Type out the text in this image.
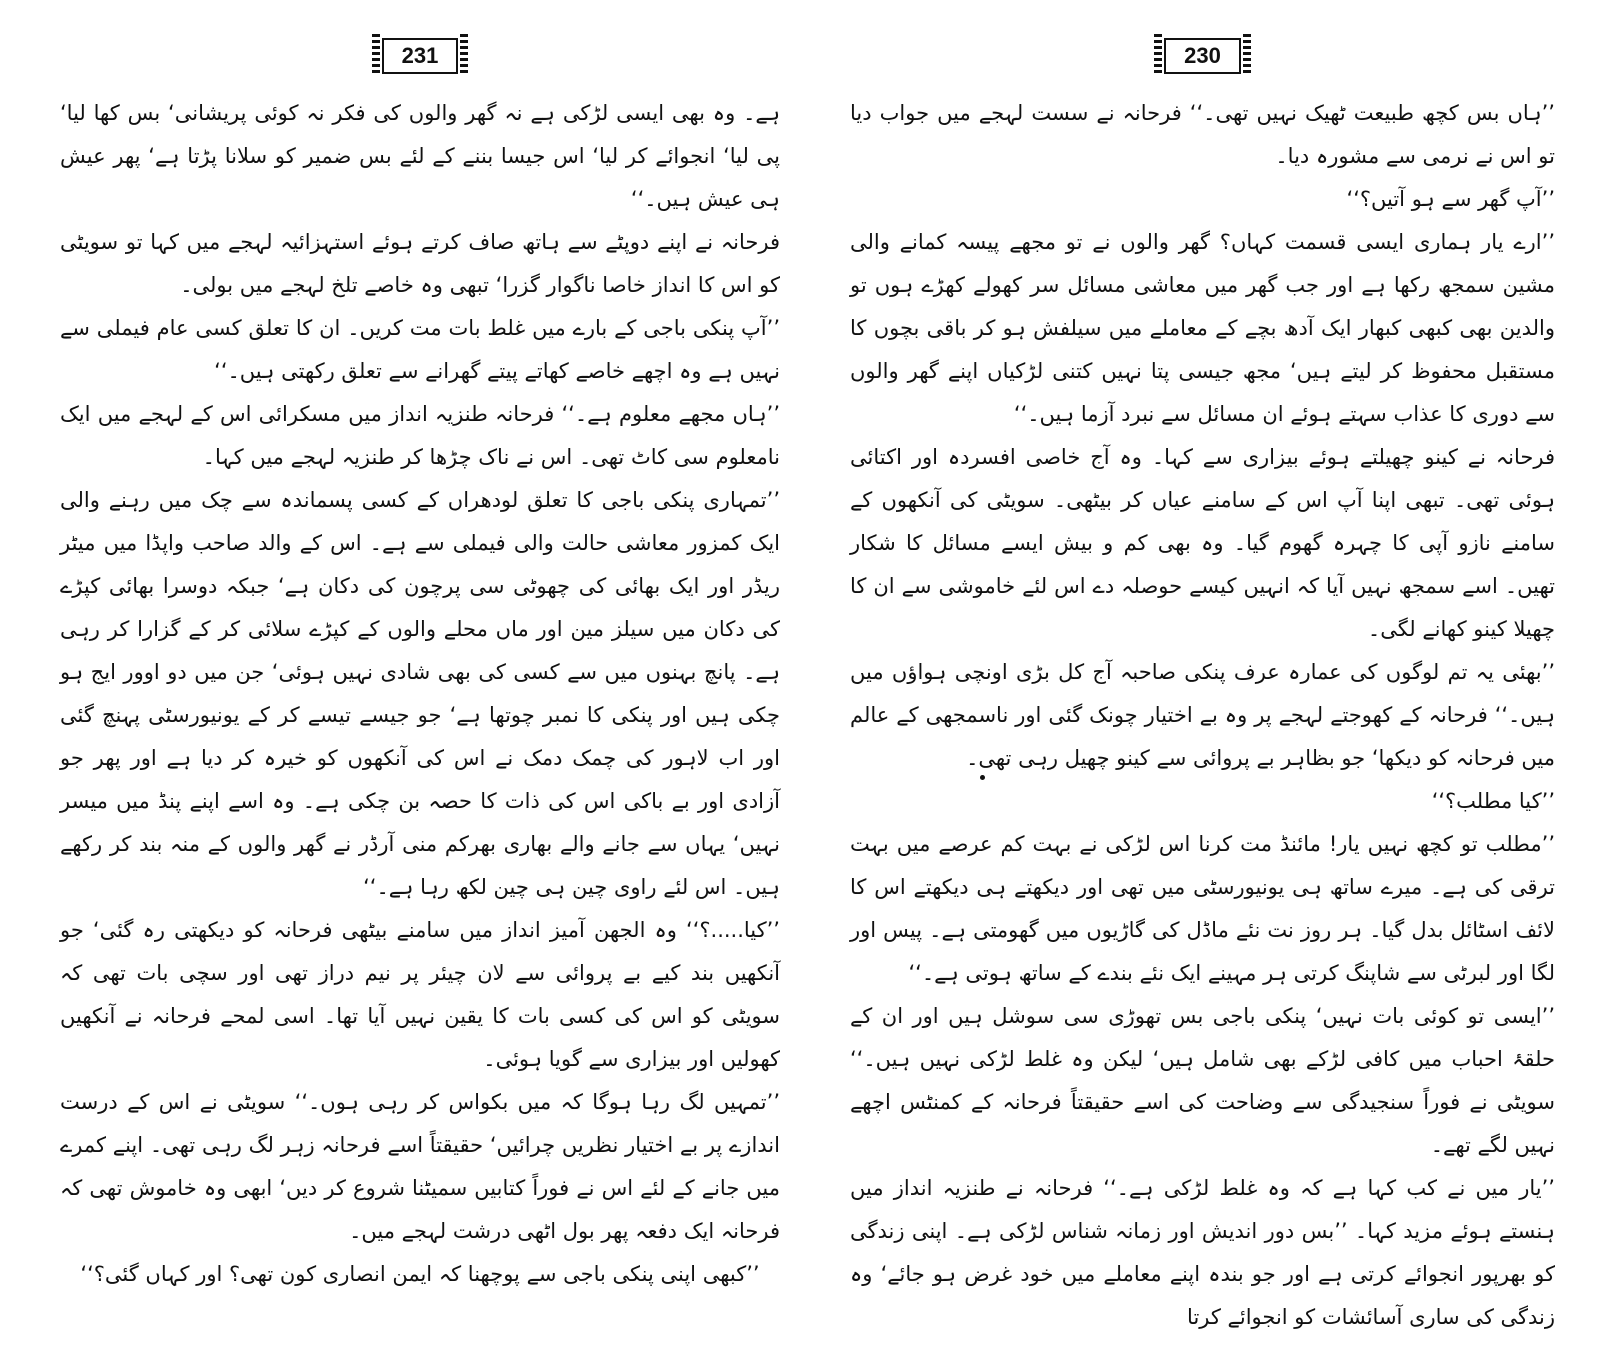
231

ہے۔ وہ بھی ایسی لڑکی ہے نہ گھر والوں کی فکر نہ کوئی پریشانی‘ بس کھا لیا‘ پی لیا‘ انجوائے کر لیا‘ اس جیسا بننے کے لئے بس ضمیر کو سلانا پڑتا ہے‘ پھر عیش ہی عیش ہیں۔‘‘

فرحانہ نے اپنے دوپٹے سے ہاتھ صاف کرتے ہوئے استہزائیہ لہجے میں کہا تو سویٹی کو اس کا انداز خاصا ناگوار گزرا‘ تبھی وہ خاصے تلخ لہجے میں بولی۔

’’آپ پنکی باجی کے بارے میں غلط بات مت کریں۔ ان کا تعلق کسی عام فیملی سے نہیں ہے وہ اچھے خاصے کھاتے پیتے گھرانے سے تعلق رکھتی ہیں۔‘‘

’’ہاں مجھے معلوم ہے۔‘‘ فرحانہ طنزیہ انداز میں مسکرائی اس کے لہجے میں ایک نامعلوم سی کاٹ تھی۔ اس نے ناک چڑھا کر طنزیہ لہجے میں کہا۔

’’تمہاری پنکی باجی کا تعلق لودھراں کے کسی پسماندہ سے چک میں رہنے والی ایک کمزور معاشی حالت والی فیملی سے ہے۔ اس کے والد صاحب واپڈا میں میٹر ریڈر اور ایک بھائی کی چھوٹی سی پرچون کی دکان ہے‘ جبکہ دوسرا بھائی کپڑے کی دکان میں سیلز مین اور ماں محلے والوں کے کپڑے سلائی کر کے گزارا کر رہی ہے۔ پانچ بہنوں میں سے کسی کی بھی شادی نہیں ہوئی‘ جن میں دو اوور ایج ہو چکی ہیں اور پنکی کا نمبر چوتھا ہے‘ جو جیسے تیسے کر کے یونیورسٹی پہنچ گئی اور اب لاہور کی چمک دمک نے اس کی آنکھوں کو خیرہ کر دیا ہے اور پھر جو آزادی اور بے باکی اس کی ذات کا حصہ بن چکی ہے۔ وہ اسے اپنے پنڈ میں میسر نہیں‘ یہاں سے جانے والے بھاری بھرکم منی آرڈر نے گھر والوں کے منہ بند کر رکھے ہیں۔ اس لئے راوی چین ہی چین لکھ رہا ہے۔‘‘

’’کیا.....؟‘‘ وہ الجھن آمیز انداز میں سامنے بیٹھی فرحانہ کو دیکھتی رہ گئی‘ جو آنکھیں بند کیے بے پروائی سے لان چیئر پر نیم دراز تھی اور سچی بات تھی کہ سویٹی کو اس کی کسی بات کا یقین نہیں آیا تھا۔ اسی لمحے فرحانہ نے آنکھیں کھولیں اور بیزاری سے گویا ہوئی۔

’’تمہیں لگ رہا ہوگا کہ میں بکواس کر رہی ہوں۔‘‘ سویٹی نے اس کے درست اندازے پر بے اختیار نظریں چرائیں‘ حقیقتاً اسے فرحانہ زہر لگ رہی تھی۔ اپنے کمرے میں جانے کے لئے اس نے فوراً کتابیں سمیٹنا شروع کر دیں‘ ابھی وہ خاموش تھی کہ فرحانہ ایک دفعہ پھر بول اٹھی درشت لہجے میں۔

’’کبھی اپنی پنکی باجی سے پوچھنا کہ ایمن انصاری کون تھی؟ اور کہاں گئی؟‘‘

230

’’ہاں بس کچھ طبیعت ٹھیک نہیں تھی۔‘‘ فرحانہ نے سست لہجے میں جواب دیا تو اس نے نرمی سے مشورہ دیا۔

’’آپ گھر سے ہو آتیں؟‘‘

’’ارے یار ہماری ایسی قسمت کہاں؟ گھر والوں نے تو مجھے پیسہ کمانے والی مشین سمجھ رکھا ہے اور جب گھر میں معاشی مسائل سر کھولے کھڑے ہوں تو والدین بھی کبھی کبھار ایک آدھ بچے کے معاملے میں سیلفش ہو کر باقی بچوں کا مستقبل محفوظ کر لیتے ہیں‘ مجھ جیسی پتا نہیں کتنی لڑکیاں اپنے گھر والوں سے دوری کا عذاب سہتے ہوئے ان مسائل سے نبرد آزما ہیں۔‘‘

فرحانہ نے کینو چھیلتے ہوئے بیزاری سے کہا۔ وہ آج خاصی افسردہ اور اکتائی ہوئی تھی۔ تبھی اپنا آپ اس کے سامنے عیاں کر بیٹھی۔ سویٹی کی آنکھوں کے سامنے نازو آپی کا چہرہ گھوم گیا۔ وہ بھی کم و بیش ایسے مسائل کا شکار تھیں۔ اسے سمجھ نہیں آیا کہ انہیں کیسے حوصلہ دے اس لئے خاموشی سے ان کا چھیلا کینو کھانے لگی۔

’’بھئی یہ تم لوگوں کی عمارہ عرف پنکی صاحبہ آج کل بڑی اونچی ہواؤں میں ہیں۔‘‘ فرحانہ کے کھوجتے لہجے پر وہ بے اختیار چونک گئی اور ناسمجھی کے عالم میں فرحانہ کو دیکھا‘ جو بظاہر بے پروائی سے کینو چھیل رہی تھی۔

’’کیا مطلب؟‘‘

’’مطلب تو کچھ نہیں یار! مائنڈ مت کرنا اس لڑکی نے بہت کم عرصے میں بہت ترقی کی ہے۔ میرے ساتھ ہی یونیورسٹی میں تھی اور دیکھتے ہی دیکھتے اس کا لائف اسٹائل بدل گیا۔ ہر روز نت نئے ماڈل کی گاڑیوں میں گھومتی ہے۔ پیس اور لگا اور لبرٹی سے شاپنگ کرتی ہر مہینے ایک نئے بندے کے ساتھ ہوتی ہے۔‘‘

’’ایسی تو کوئی بات نہیں‘ پنکی باجی بس تھوڑی سی سوشل ہیں اور ان کے حلقۂ احباب میں کافی لڑکے بھی شامل ہیں‘ لیکن وہ غلط لڑکی نہیں ہیں۔‘‘ سویٹی نے فوراً سنجیدگی سے وضاحت کی اسے حقیقتاً فرحانہ کے کمنٹس اچھے نہیں لگے تھے۔

’’یار میں نے کب کہا ہے کہ وہ غلط لڑکی ہے۔‘‘ فرحانہ نے طنزیہ انداز میں ہنستے ہوئے مزید کہا۔ ’’بس دور اندیش اور زمانہ شناس لڑکی ہے۔ اپنی زندگی کو بھرپور انجوائے کرتی ہے اور جو بندہ اپنے معاملے میں خود غرض ہو جائے‘ وہ زندگی کی ساری آسائشات کو انجوائے کرتا
